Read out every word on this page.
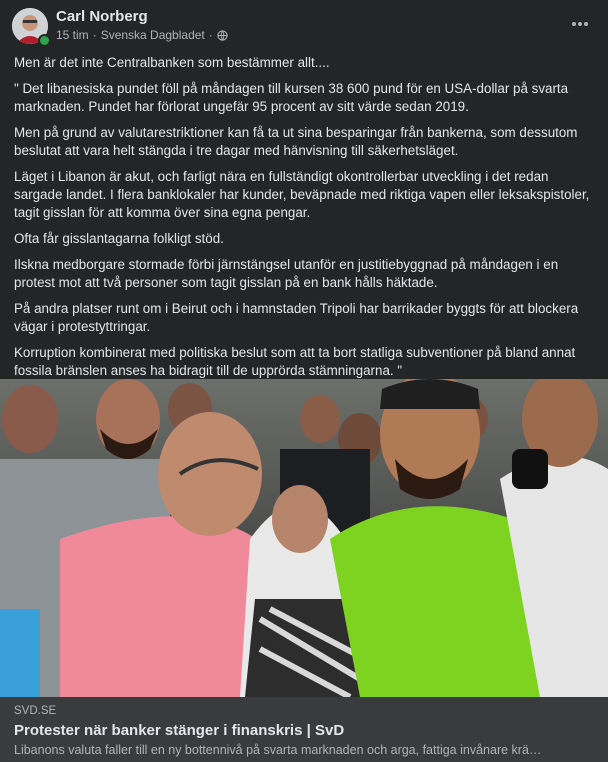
Carl Norberg
15 tim · Svenska Dagbladet ·

Men är det inte Centralbanken som bestämmer allt....

" Det libanesiska pundet föll på måndagen till kursen 38 600 pund för en USA-dollar på svarta marknaden. Pundet har förlorat ungefär 95 procent av sitt värde sedan 2019.

Men på grund av valutarestriktioner kan få ta ut sina besparingar från bankerna, som dessutom beslutat att vara helt stängda i tre dagar med hänvisning till säkerhetsläget.

Läget i Libanon är akut, och farligt nära en fullständigt okontrollerbar utveckling i det redan sargade landet. I flera banklokaler har kunder, beväpnade med riktiga vapen eller leksakspistoler, tagit gisslan för att komma över sina egna pengar.

Ofta får gisslantagarna folkligt stöd.

Ilskna medborgare stormade förbi järnstängsel utanför en justitiebyggnad på måndagen i en protest mot att två personer som tagit gisslan på en bank hålls häktade.

På andra platser runt om i Beirut och i hamnstaden Tripoli har barrikader byggts för att blockera vägar i protestyttringar.

Korruption kombinerat med politiska beslut som att ta bort statliga subventioner på bland annat fossila bränslen anses ha bidragit till de upprörda stämningarna. "

SVD.SE
Protester när banker stänger i finanskris | SvD
Libanons valuta faller till en ny bottennivå på svarta marknaden och arga, fattiga invånare krä…
